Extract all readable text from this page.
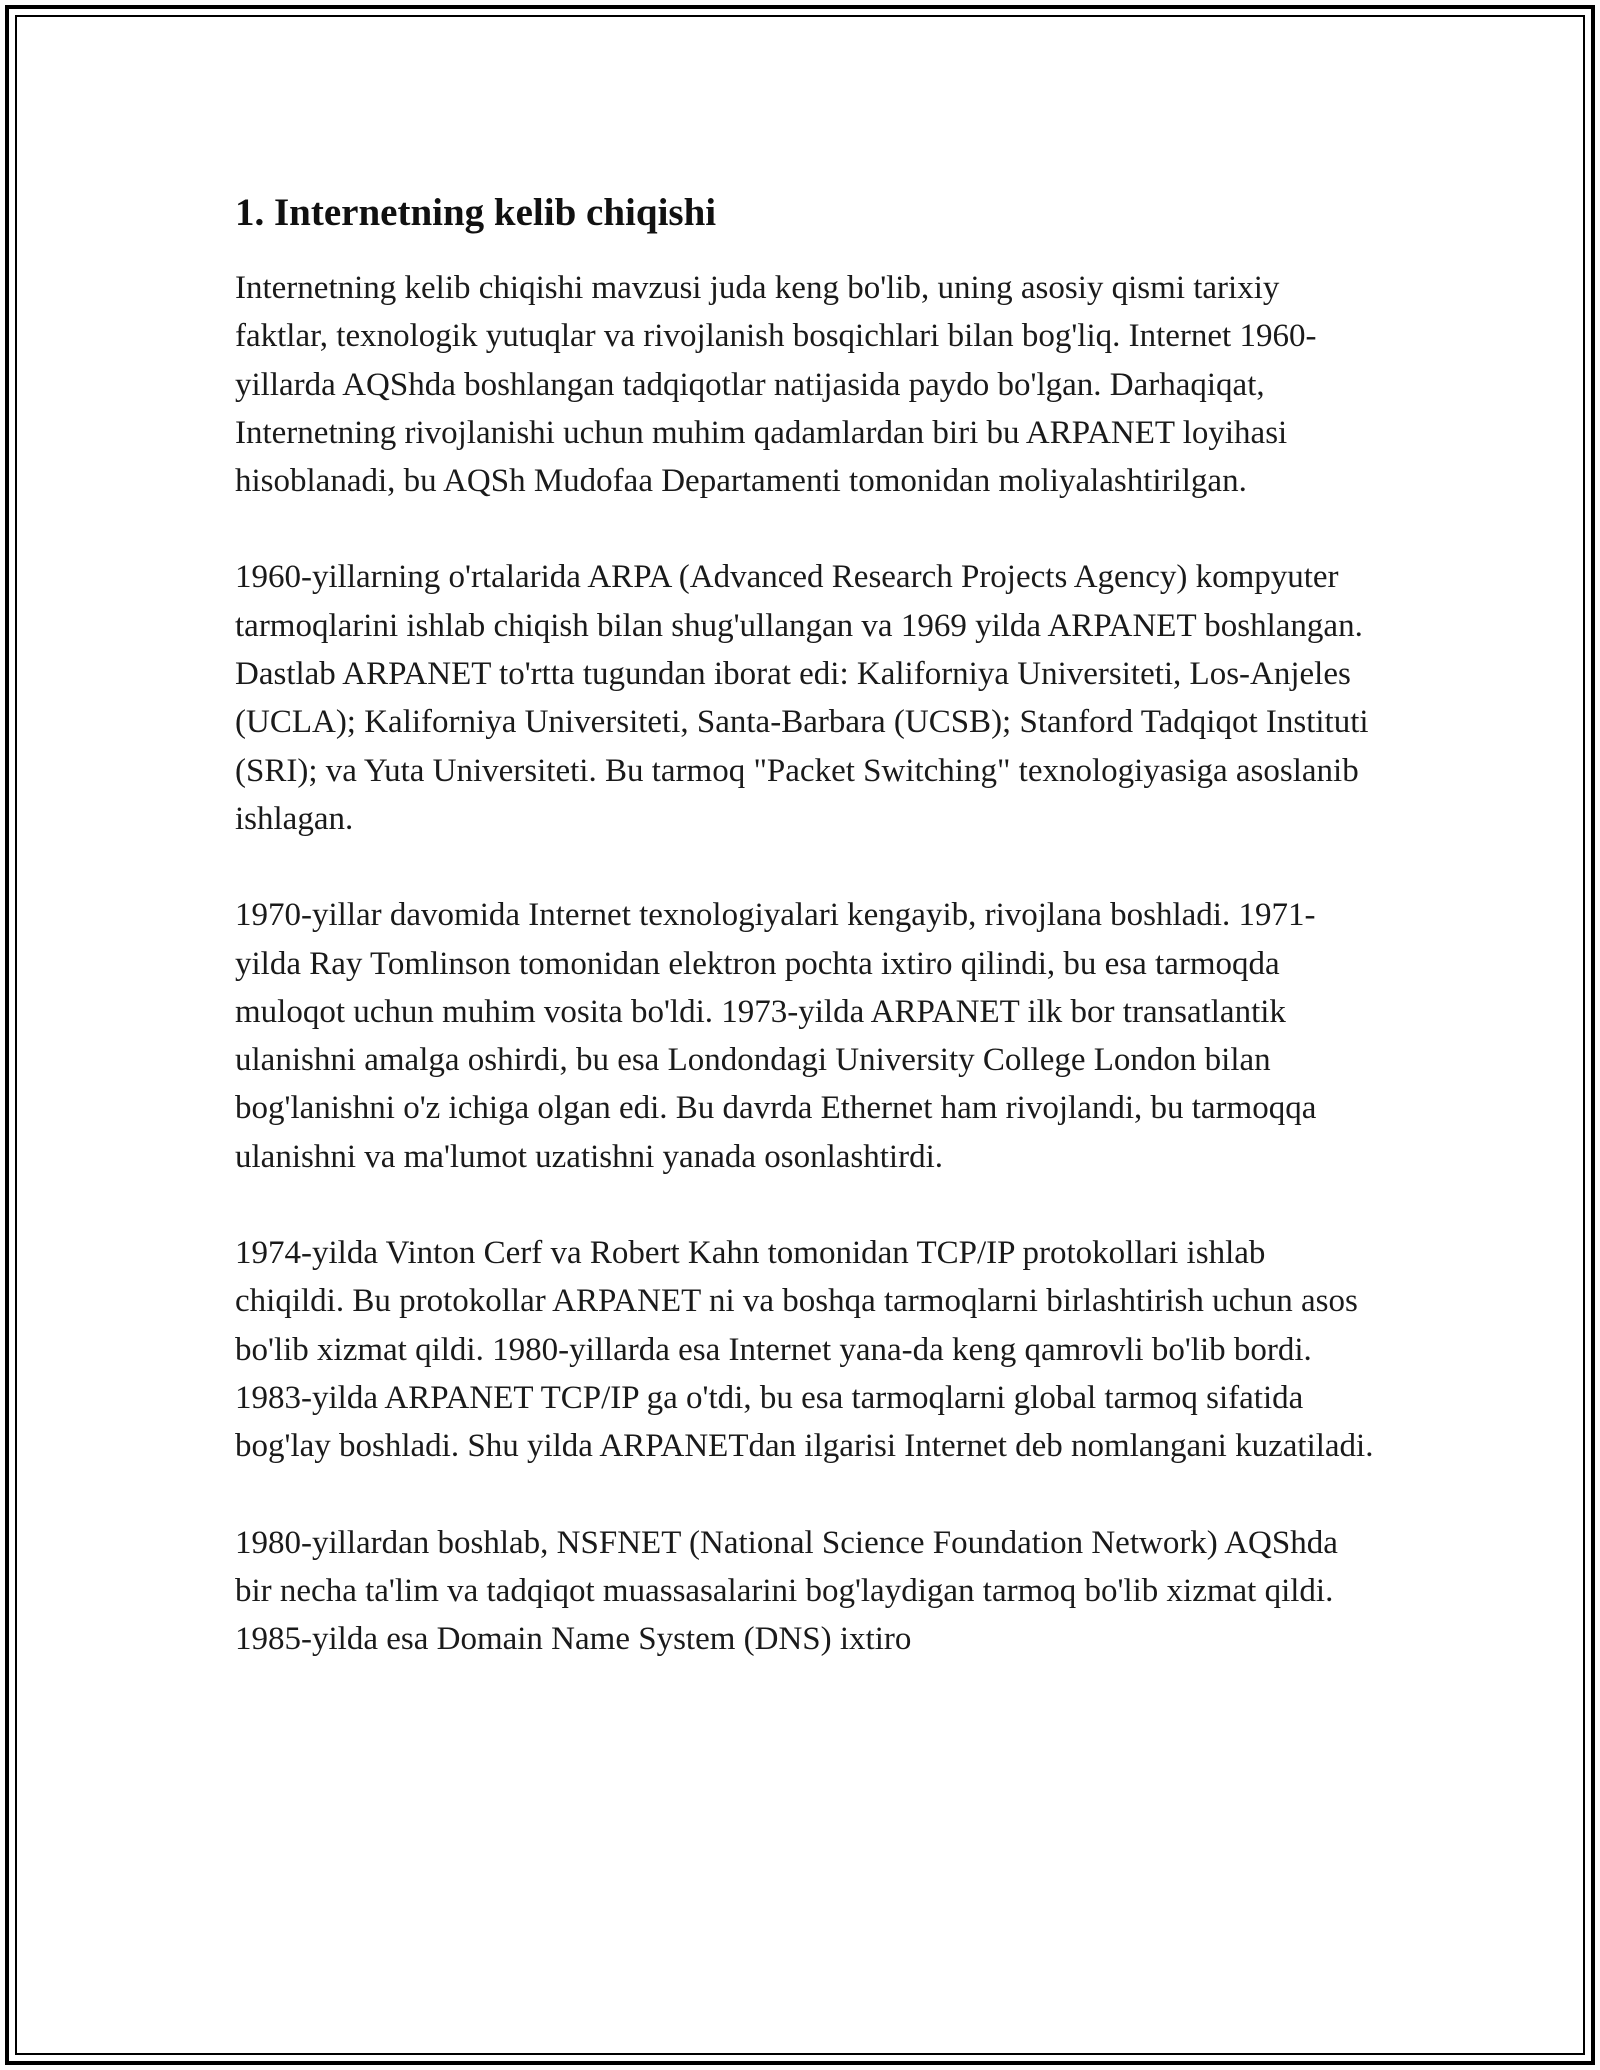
1. Internetning kelib chiqishi

Internetning kelib chiqishi mavzusi juda keng bo'lib, uning asosiy qismi tarixiy faktlar, texnologik yutuqlar va rivojlanish bosqichlari bilan bog'liq. Internet 1960-yillarda AQShda boshlangan tadqiqotlar natijasida paydo bo'lgan. Darhaqiqat, Internetning rivojlanishi uchun muhim qadamlardan biri bu ARPANET loyihasi hisoblanadi, bu AQSh Mudofaa Departamenti tomonidan moliyalashtirilgan.

1960-yillarning o'rtalarida ARPA (Advanced Research Projects Agency) kompyuter tarmoqlarini ishlab chiqish bilan shug'ullangan va 1969 yilda ARPANET boshlangan. Dastlab ARPANET to'rtta tugundan iborat edi: Kaliforniya Universiteti, Los-Anjeles (UCLA); Kaliforniya Universiteti, Santa-Barbara (UCSB); Stanford Tadqiqot Instituti (SRI); va Yuta Universiteti. Bu tarmoq "Packet Switching" texnologiyasiga asoslanib ishlagan.

1970-yillar davomida Internet texnologiyalari kengayib, rivojlana boshladi. 1971-yilda Ray Tomlinson tomonidan elektron pochta ixtiro qilindi, bu esa tarmoqda muloqot uchun muhim vosita bo'ldi. 1973-yilda ARPANET ilk bor transatlantik ulanishni amalga oshirdi, bu esa Londondagi University College London bilan bog'lanishni o'z ichiga olgan edi. Bu davrda Ethernet ham rivojlandi, bu tarmoqqa ulanishni va ma'lumot uzatishni yanada osonlashtirdi.

1974-yilda Vinton Cerf va Robert Kahn tomonidan TCP/IP protokollari ishlab chiqildi. Bu protokollar ARPANET ni va boshqa tarmoqlarni birlashtirish uchun asos bo'lib xizmat qildi. 1980-yillarda esa Internet yana-da keng qamrovli bo'lib bordi. 1983-yilda ARPANET TCP/IP ga o'tdi, bu esa tarmoqlarni global tarmoq sifatida bog'lay boshladi. Shu yilda ARPANETdan ilgarisi Internet deb nomlangani kuzatiladi.

1980-yillardan boshlab, NSFNET (National Science Foundation Network) AQShda bir necha ta'lim va tadqiqot muassasalarini bog'laydigan tarmoq bo'lib xizmat qildi. 1985-yilda esa Domain Name System (DNS) ixtiro
